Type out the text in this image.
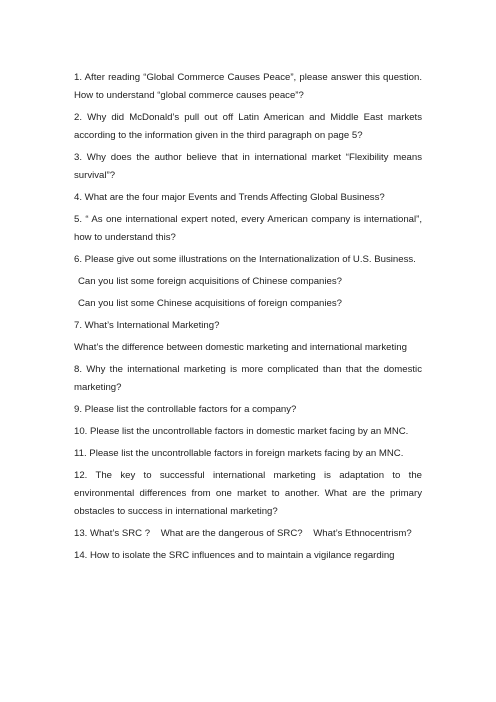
1. After reading “Global Commerce Causes Peace”, please answer this question. How to understand “global commerce causes peace”?

2. Why did McDonald’s pull out off Latin American and Middle East markets according to the information given in the third paragraph on page 5?

3. Why does the author believe that in international market “Flexibility means survival”?

4. What are the four major Events and Trends Affecting Global Business?

5. “ As one international expert noted, every American company is international”, how to understand this?

6. Please give out some illustrations on the Internationalization of U.S. Business.

Can you list some foreign acquisitions of Chinese companies?

Can you list some Chinese acquisitions of foreign companies?

7. What’s International Marketing?

What’s the difference between domestic marketing and international marketing

8. Why the international marketing is more complicated than that the domestic marketing?

9. Please list the controllable factors for a company?

10. Please list the uncontrollable factors in domestic market facing by an MNC.

11. Please list the uncontrollable factors in foreign markets facing by an MNC.

12. The key to successful international marketing is adaptation to the environmental differences from one market to another. What are the primary obstacles to success in international marketing?

13. What’s SRC ?    What are the dangerous of SRC?    What’s Ethnocentrism?

14. How to isolate the SRC influences and to maintain a vigilance regarding
